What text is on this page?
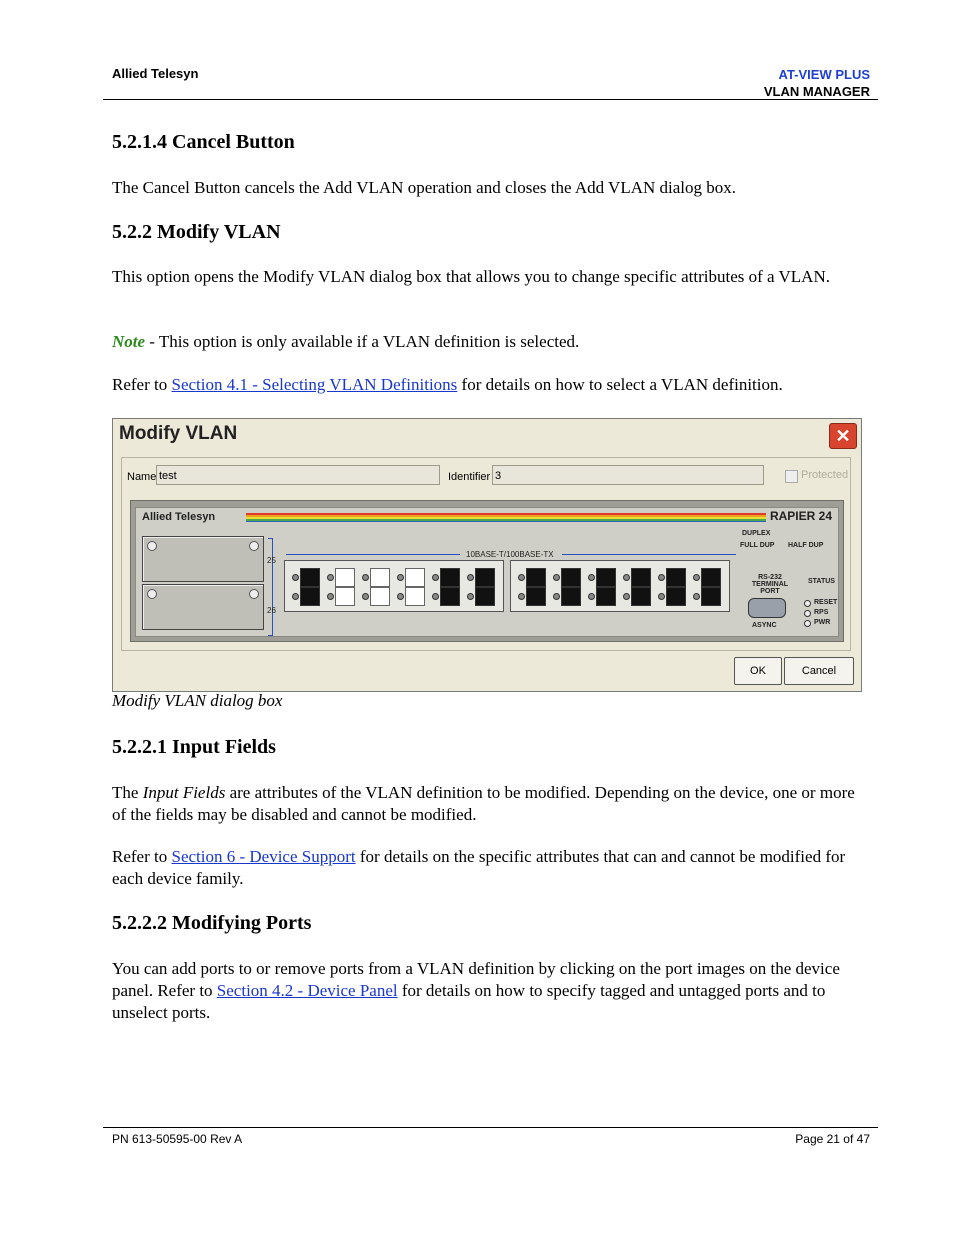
Allied Telesyn	AT-VIEW PLUS
VLAN MANAGER
5.2.1.4 Cancel Button

The Cancel Button cancels the Add VLAN operation and closes the Add VLAN dialog box.

5.2.2 Modify VLAN

This option opens the Modify VLAN dialog box that allows you to change specific attributes of a VLAN.

Note - This option is only available if a VLAN definition is selected.

Refer to Section 4.1 - Selecting VLAN Definitions for details on how to select a VLAN definition.

Modify VLAN	✕
Name test	Identifier 3	Protected
Allied Telesyn	RAPIER 24
25
26
10BASE-T/100BASE-TX
DUPLEX
FULL DUP HALF DUP
RS-232 TERMINAL PORT
ASYNC
STATUS
RESET
RPS
PWR
OK	Cancel
Modify VLAN dialog box
5.2.2.1 Input Fields

The Input Fields are attributes of the VLAN definition to be modified. Depending on the device, one or more of the fields may be disabled and cannot be modified.

Refer to Section 6 - Device Support for details on the specific attributes that can and cannot be modified for each device family.

5.2.2.2 Modifying Ports

You can add ports to or remove ports from a VLAN definition by clicking on the port images on the device panel. Refer to Section 4.2 - Device Panel for details on how to specify tagged and untagged ports and to unselect ports.

PN 613-50595-00 Rev A	Page 21 of 47
